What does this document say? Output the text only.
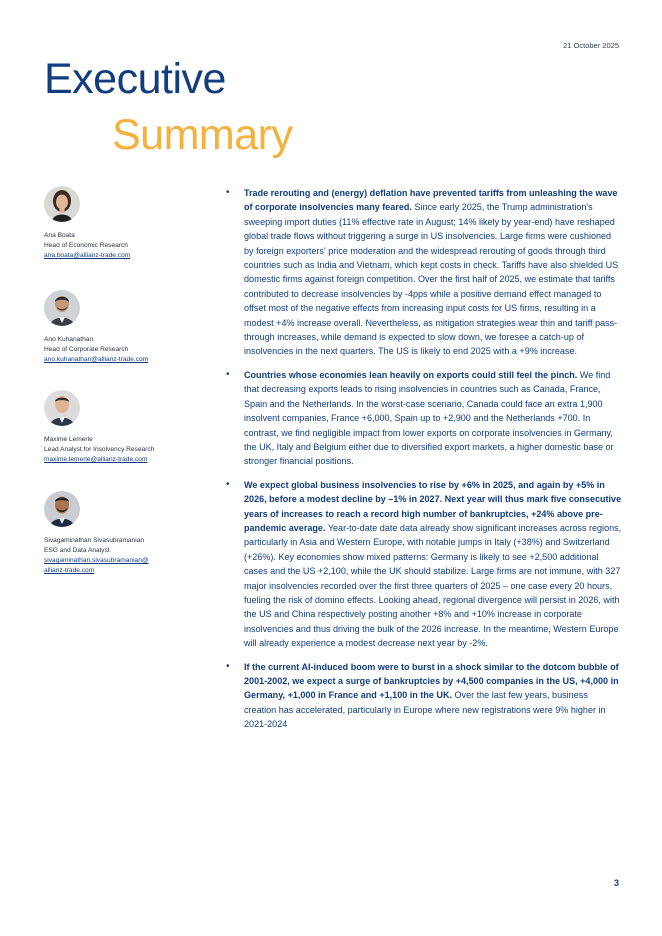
21 October 2025
Executive
Summary
Ana Boata
Head of Economic Research
ana.boata@allianz-trade.com
Ano Kuhanathan
Head of Corporate Research
ano.kuhanathan@allianz-trade.com
Maxime Lemerle
Lead Analyst for Insolvency Research
maxime.lemerle@allianz-trade.com
Sivagaminathan Sivasubramanian
ESG and Data Analyst
sivagaminathan.sivasubramanian@
allianz-trade.com
• Trade rerouting and (energy) deflation have prevented tariffs from unleashing the wave of corporate insolvencies many feared. Since early 2025, the Trump administration's sweeping import duties (11% effective rate in August; 14% likely by year-end) have reshaped global trade flows without triggering a surge in US insolvencies. Large firms were cushioned by foreign exporters' price moderation and the widespread rerouting of goods through third countries such as India and Vietnam, which kept costs in check. Tariffs have also shielded US domestic firms against foreign competition. Over the first half of 2025, we estimate that tariffs contributed to decrease insolvencies by -4pps while a positive demand effect managed to offset most of the negative effects from increasing input costs for US firms, resulting in a modest +4% increase overall. Nevertheless, as mitigation strategies wear thin and tariff pass-through increases, while demand is expected to slow down, we foresee a catch-up of insolvencies in the next quarters. The US is likely to end 2025 with a +9% increase.
• Countries whose economies lean heavily on exports could still feel the pinch. We find that decreasing exports leads to rising insolvencies in countries such as Canada, France, Spain and the Netherlands. In the worst-case scenario, Canada could face an extra 1,900 insolvent companies, France +6,000, Spain up to +2,900 and the Netherlands +700. In contrast, we find negligible impact from lower exports on corporate insolvencies in Germany, the UK, Italy and Belgium either due to diversified export markets, a higher domestic base or stronger financial positions.
• We expect global business insolvencies to rise by +6% in 2025, and again by +5% in 2026, before a modest decline by –1% in 2027. Next year will thus mark five consecutive years of increases to reach a record high number of bankruptcies, +24% above pre-pandemic average. Year-to-date date data already show significant increases across regions, particularly in Asia and Western Europe, with notable jumps in Italy (+38%) and Switzerland (+26%). Key economies show mixed patterns: Germany is likely to see +2,500 additional cases and the US +2,100, while the UK should stabilize. Large firms are not immune, with 327 major insolvencies recorded over the first three quarters of 2025 – one case every 20 hours, fueling the risk of domino effects. Looking ahead, regional divergence will persist in 2026, with the US and China respectively posting another +8% and +10% increase in corporate insolvencies and thus driving the bulk of the 2026 increase. In the meantime, Western Europe will already experience a modest decrease next year by -2%.
• If the current AI-induced boom were to burst in a shock similar to the dotcom bubble of 2001-2002, we expect a surge of bankruptcies by +4,500 companies in the US, +4,000 in Germany, +1,000 in France and +1,100 in the UK. Over the last few years, business creation has accelerated, particularly in Europe where new registrations were 9% higher in 2021-2024
3
